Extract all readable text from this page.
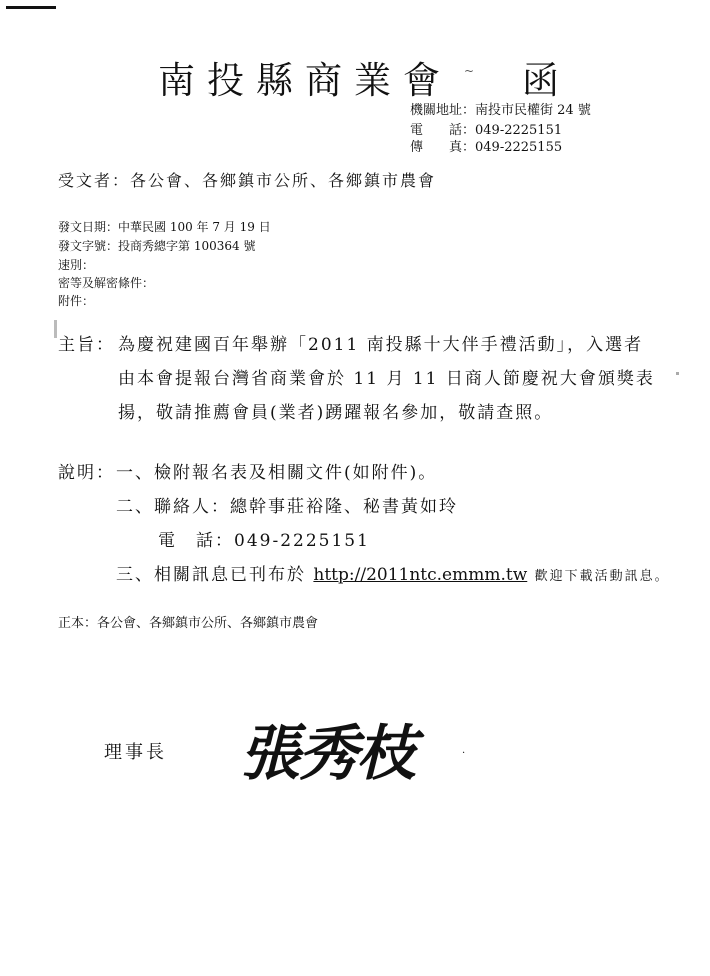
南投縣商業會 ~ 函
機關地址：南投市民權街 24 號
電　　話：049-2225151
傳　　真：049-2225155
受文者：各公會、各鄉鎮市公所、各鄉鎮市農會
發文日期：中華民國 100 年 7 月 19 日
發文字號：投商秀總字第 100364 號
速別：
密等及解密條件：
附件：
主旨： 為慶祝建國百年舉辦「2011 南投縣十大伴手禮活動」，入選者
由本會提報台灣省商業會於 11 月 11 日商人節慶祝大會頒獎表
揚，敬請推薦會員(業者)踴躍報名參加，敬請查照。
說明： 一、檢附報名表及相關文件(如附件)。
二、聯絡人：總幹事莊裕隆、秘書黃如玲
電　話：049-2225151
三、相關訊息已刊布於 http://2011ntc.emmm.tw 歡迎下載活動訊息。
正本：各公會、各鄉鎮市公所、各鄉鎮市農會
理事長 張秀枝	.
